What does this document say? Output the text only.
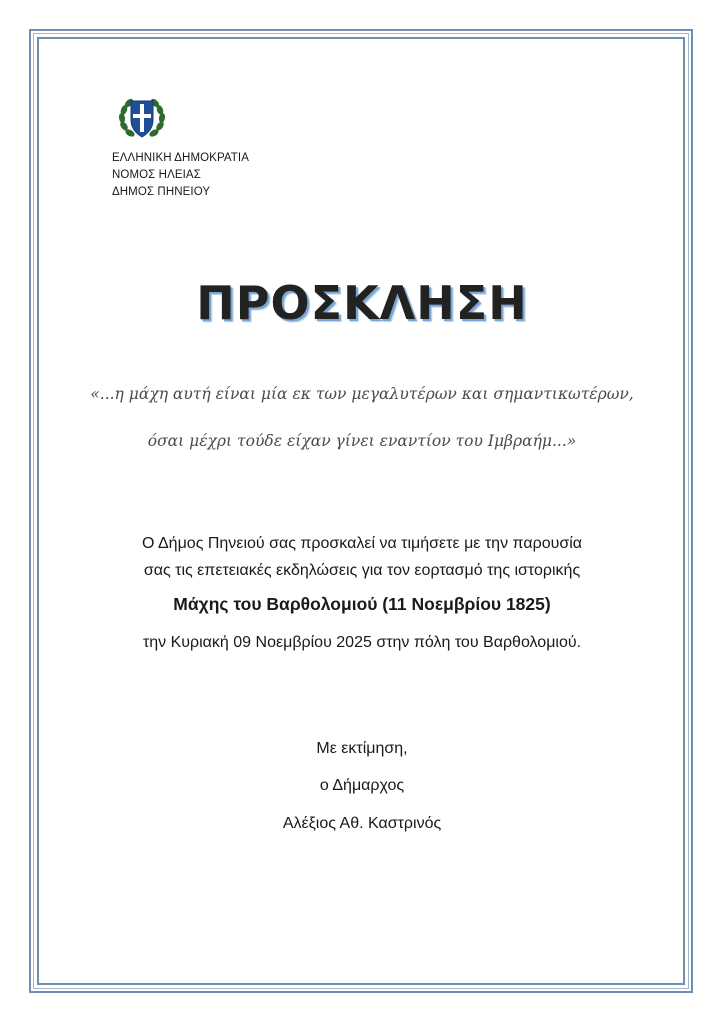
ΕΛΛΗΝΙΚΗ ΔΗΜΟΚΡΑΤΙΑ
ΝΟΜΟΣ ΗΛΕΙΑΣ
ΔΗΜΟΣ ΠΗΝΕΙΟΥ
ΠΡΟΣΚΛΗΣΗ
«...η μάχη αυτή είναι μία εκ των μεγαλυτέρων και σημαντικωτέρων,
όσαι μέχρι τούδε είχαν γίνει εναντίον του Ιμβραήμ...»
Ο Δήμος Πηνειού σας προσκαλεί να τιμήσετε με την παρουσία
σας τις επετειακές εκδηλώσεις για τον εορτασμό της ιστορικής
Μάχης του Βαρθολομιού (11 Νοεμβρίου 1825)
την Κυριακή 09 Νοεμβρίου 2025 στην πόλη του Βαρθολομιού.
Με εκτίμηση,
ο Δήμαρχος
Αλέξιος Αθ. Καστρινός
